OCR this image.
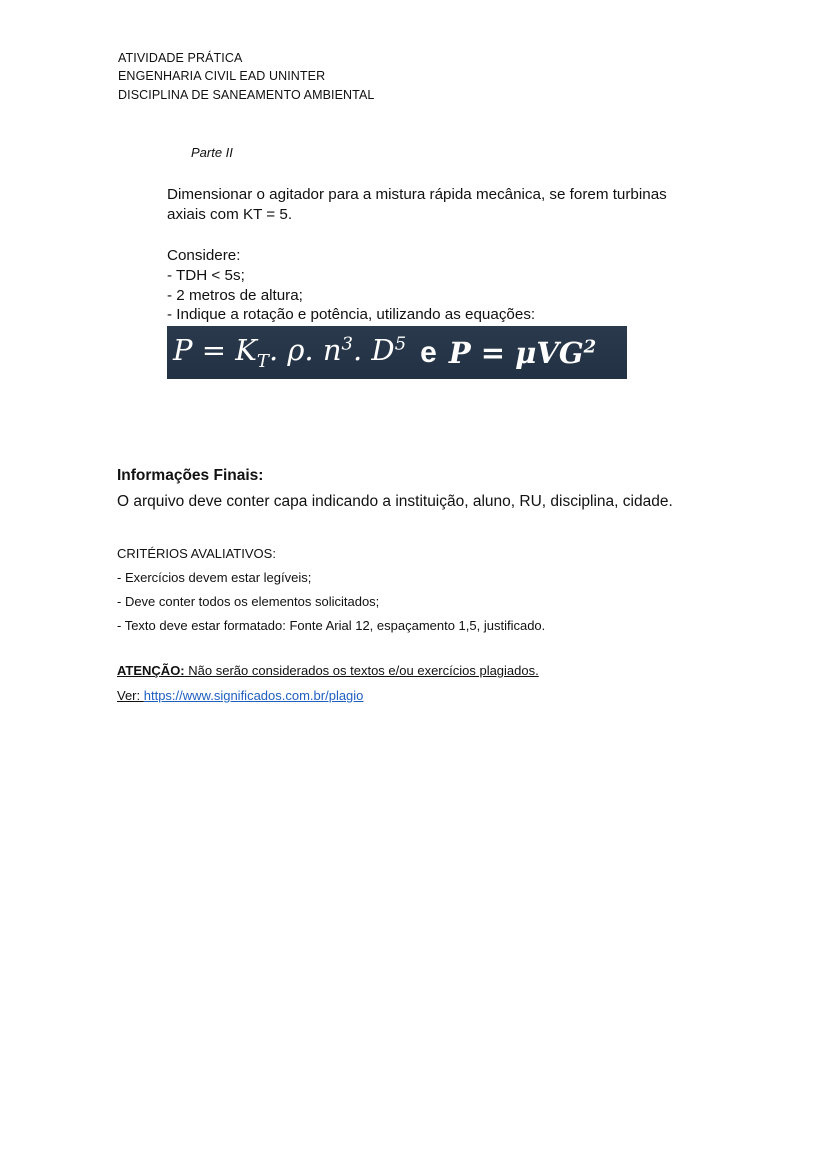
ATIVIDADE PRÁTICA
ENGENHARIA CIVIL EAD UNINTER
DISCIPLINA DE SANEAMENTO AMBIENTAL
Parte II
Dimensionar o agitador para a mistura rápida mecânica, se forem turbinas
axiais com KT = 5.
Considere:
- TDH < 5s;
- 2 metros de altura;
- Indique a rotação e potência, utilizando as equações:
$P = K_T$. ρ. $n^3$. $D^5$ e P = μVG$^2$
Informações Finais:
O arquivo deve conter capa indicando a instituição, aluno, RU, disciplina, cidade.
CRITÉRIOS AVALIATIVOS:
- Exercícios devem estar legíveis;
- Deve conter todos os elementos solicitados;
- Texto deve estar formatado: Fonte Arial 12, espaçamento 1,5, justificado.
ATENÇÃO: Não serão considerados os textos e/ou exercícios plagiados.
Ver: https://www.significados.com.br/plagio
